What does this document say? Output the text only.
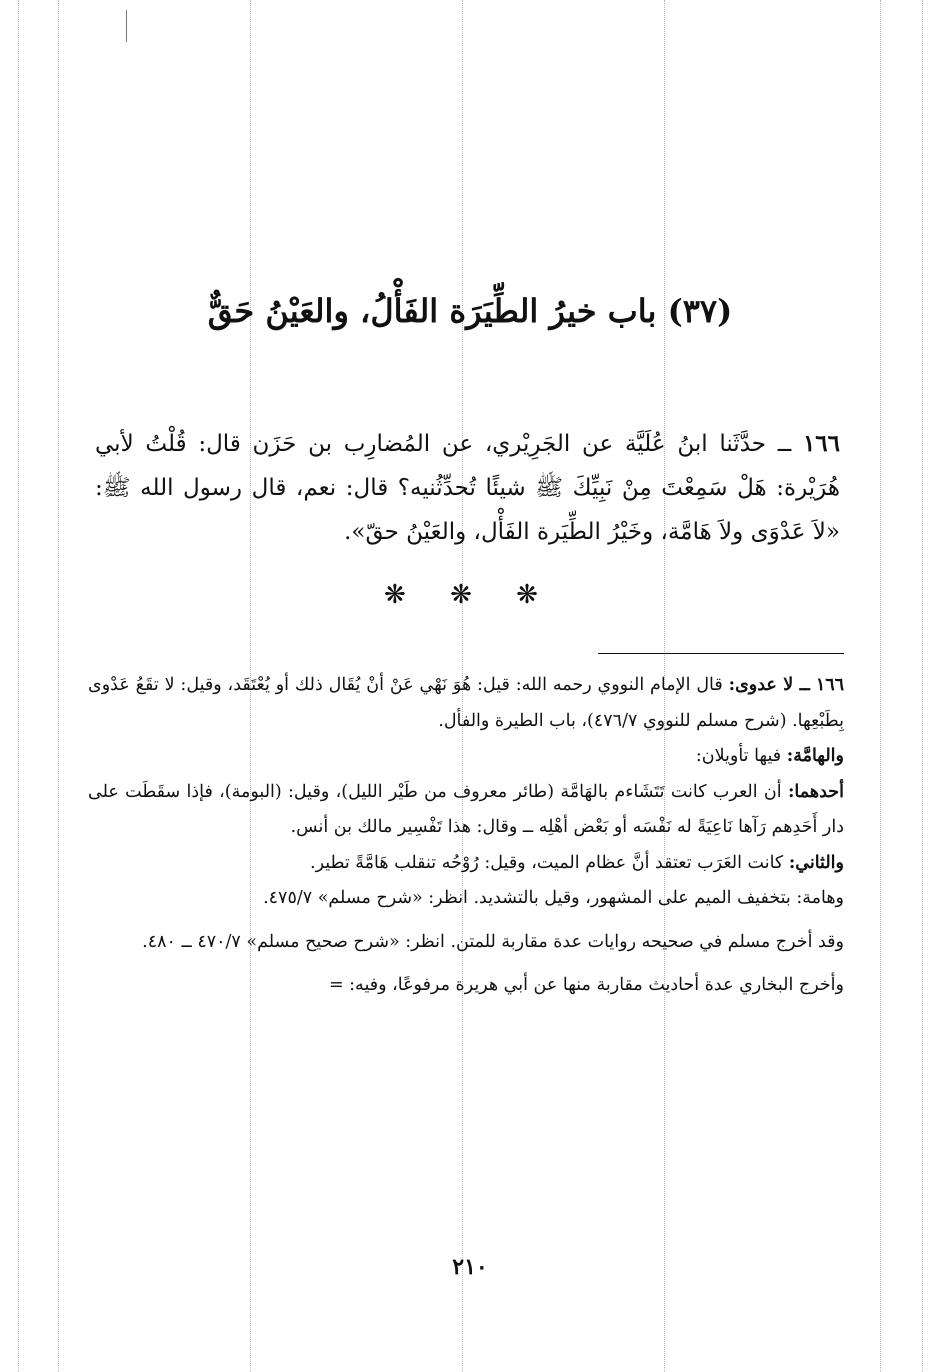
(٣٧) باب خيرُ الطِّيَرَة الفَأْلُ، والعَيْنُ حَقٌّ

١٦٦ ــ حدَّثَنا ابنُ عُلَيَّة عن الجَرِيْري، عن المُضارِب بن حَزَن قال: قُلْتُ لأبي هُرَيْرة: هَلْ سَمِعْتَ مِنْ نَبِيِّكَ ﷺ شيئًا تُحدِّثُنيه؟ قال: نعم، قال رسول الله ﷺ: «لاَ عَدْوَى ولاَ هَامَّة، وخَيْرُ الطِّيَرة الفَأْل، والعَيْنُ حقّ».

❋ ❋ ❋

١٦٦ ــ لا عدوى: قال الإمام النووي رحمه الله: قيل: هُوَ نَهْي عَنْ أنْ يُقَال ذلك أو يُعْتَقَد، وقيل: لا تقَعُ عَدْوى بِطَبْعِها. (شرح مسلم للنووي ٤٧٦/٧)، باب الطيرة والفأل.

والهامَّة: فيها تأويلان:

أحدهما: أن العرب كانت تَتَشَاءم بالهَامَّة (طائر معروف من طَيْر الليل)، وقيل: (البومة)، فإذا سقَطَت على دار أَحَدِهم رَآها نَاعِيَةً له نَفْسَه أو بَعْض أهْلِه ــ وقال: هذا تَفْسِير مالك بن أنس.

والثاني: كانت العَرَب تعتقد أنَّ عظام الميت، وقيل: رُوْحُه تنقلب هَامَّةً تطير.

وهامة: بتخفيف الميم على المشهور، وقيل بالتشديد. انظر: «شرح مسلم» ٤٧٥/٧.

وقد أخرج مسلم في صحيحه روايات عدة مقاربة للمتن. انظر: «شرح صحيح مسلم» ٤٧٠/٧ ــ ٤٨٠.

وأخرج البخاري عدة أحاديث مقاربة منها عن أبي هريرة مرفوعًا، وفيه: =

٢١٠
